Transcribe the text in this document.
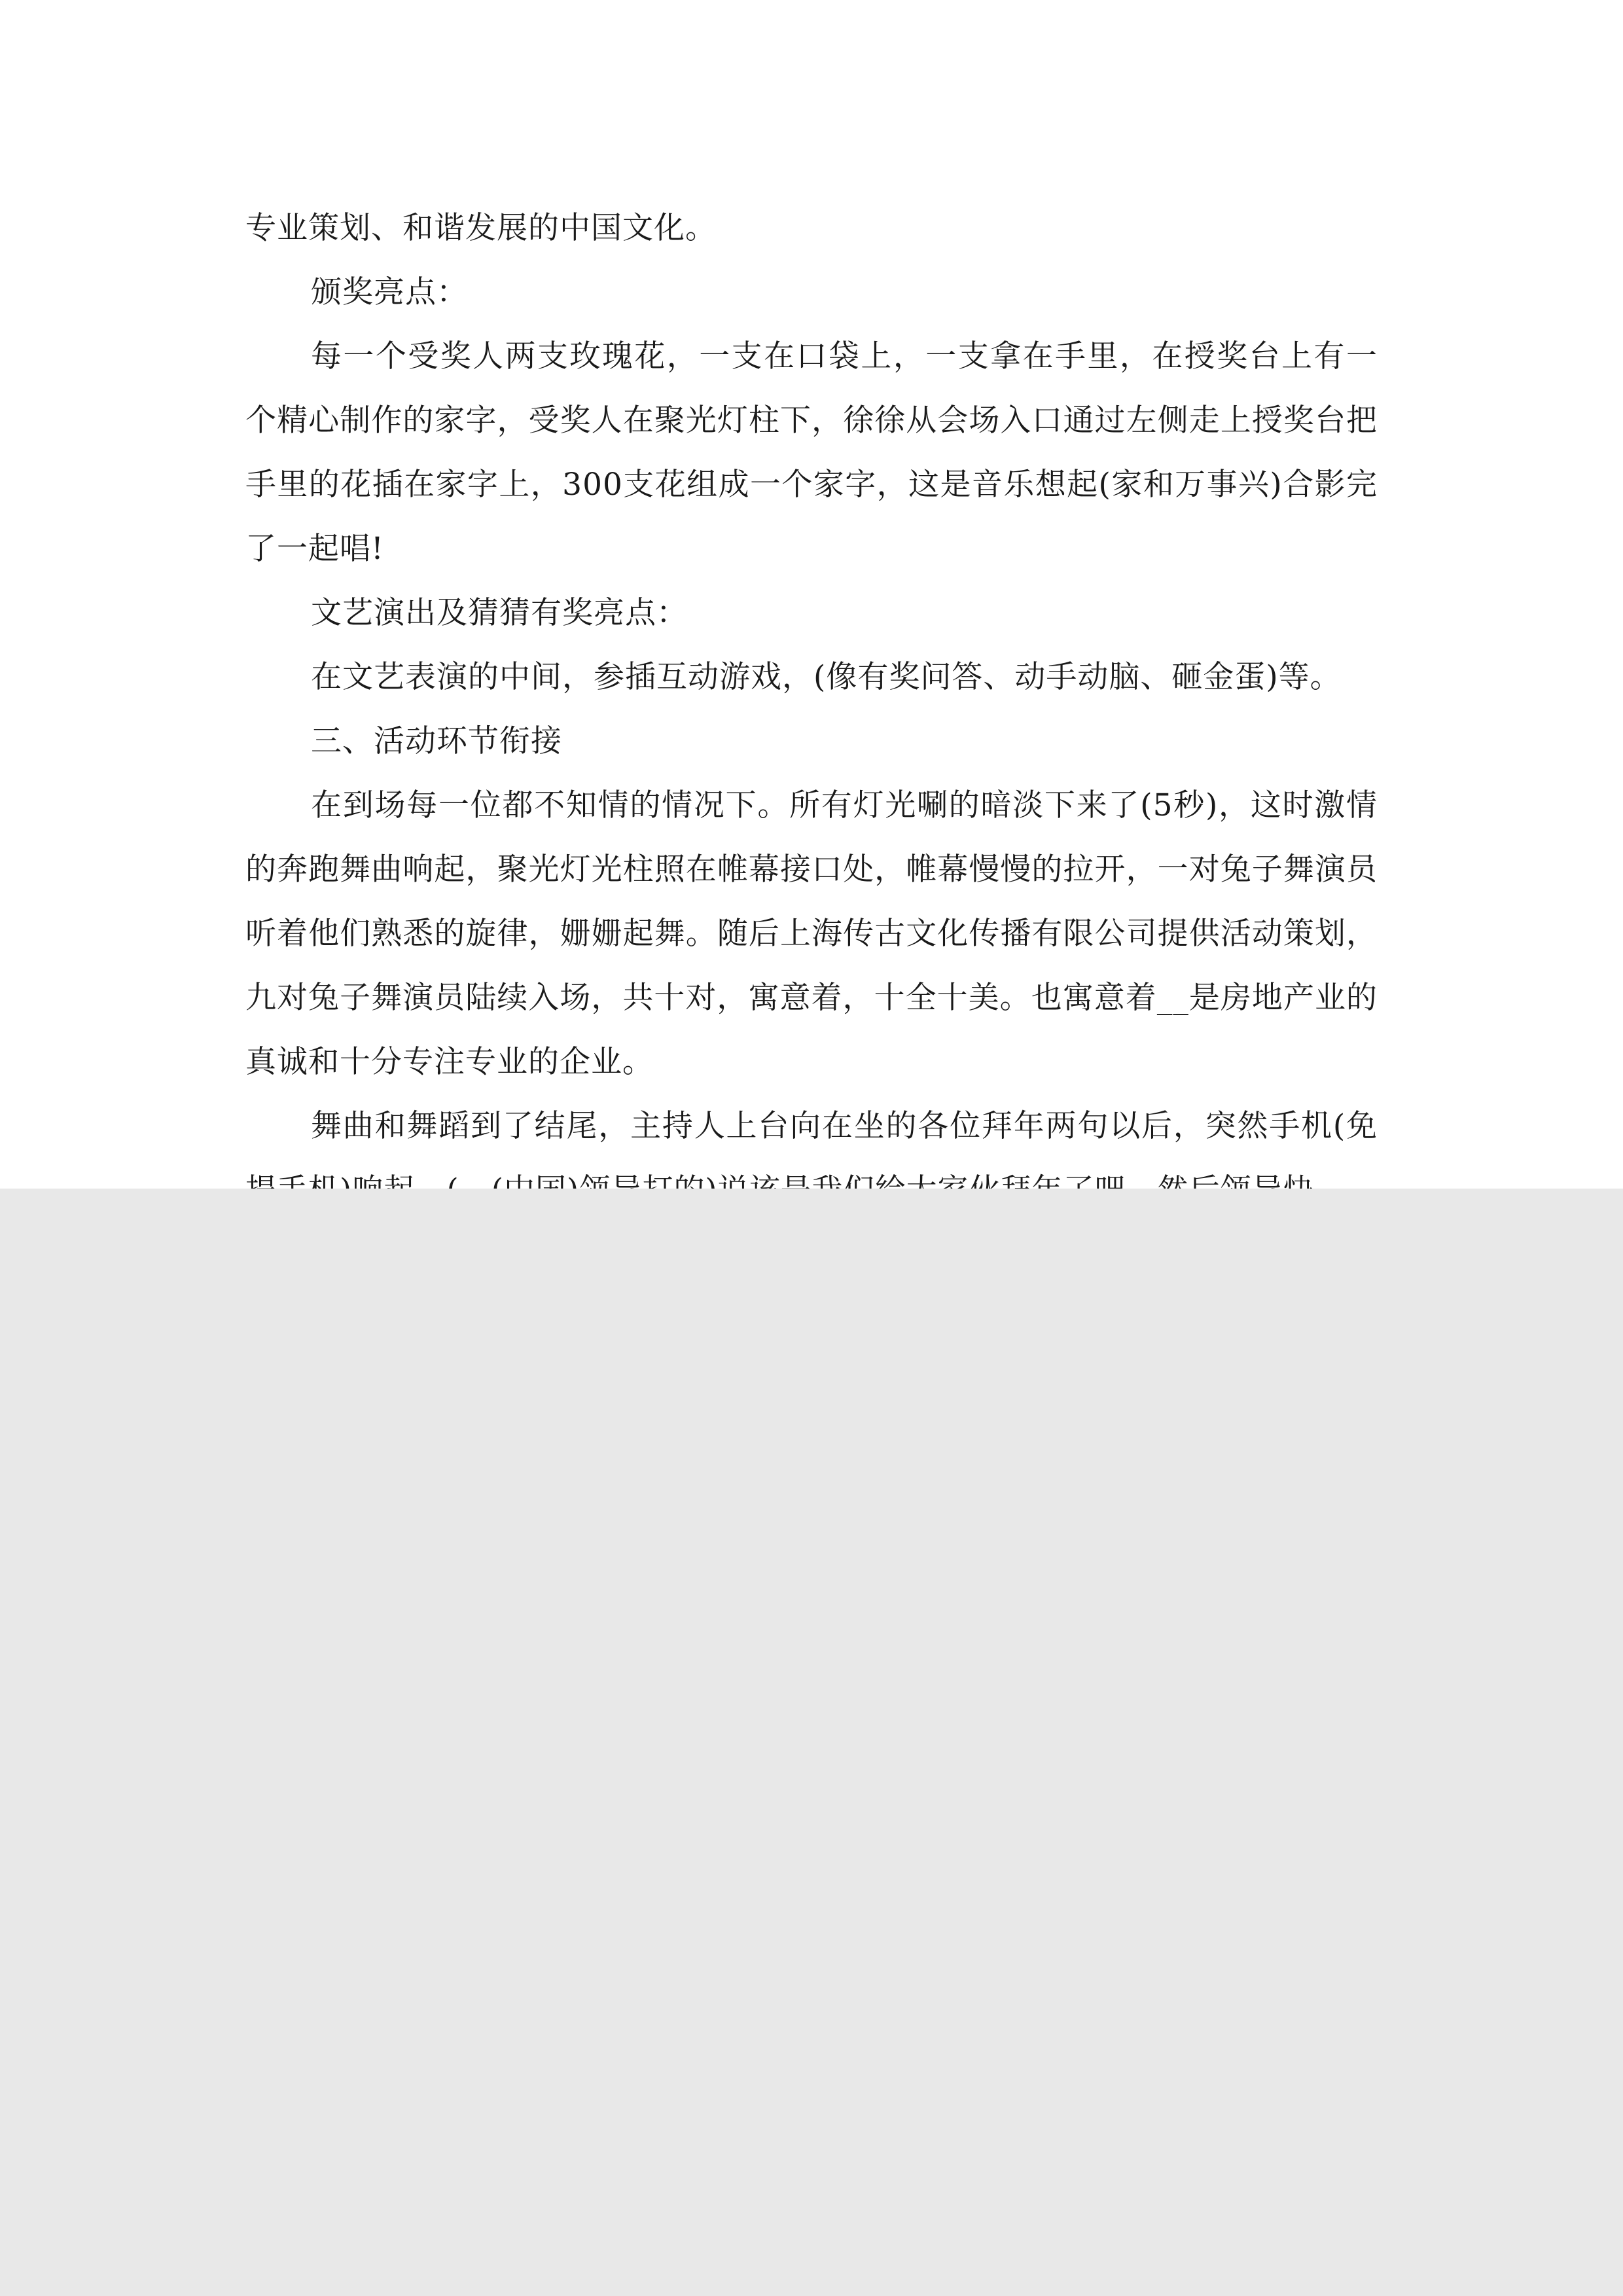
专业策划、和谐发展的中国文化。

颁奖亮点：

每一个受奖人两支玫瑰花，一支在口袋上，一支拿在手里，在授奖台上有一个精心制作的家字，受奖人在聚光灯柱下，徐徐从会场入口通过左侧走上授奖台把手里的花插在家字上，300支花组成一个家字，这是音乐想起(家和万事兴)合影完了一起唱!

文艺演出及猜猜有奖亮点：

在文艺表演的中间，参插互动游戏，(像有奖问答、动手动脑、砸金蛋)等。

三、活动环节衔接

在到场每一位都不知情的情况下。所有灯光唰的暗淡下来了(5秒)，这时激情的奔跑舞曲响起，聚光灯光柱照在帷幕接口处，帷幕慢慢的拉开，一对兔子舞演员听着他们熟悉的旋律，姗姗起舞。随后上海传古文化传播有限公司提供活动策划，九对兔子舞演员陆续入场，共十对，寓意着，十全十美。也寓意着__是房地产业的真诚和十分专注专业的企业。

舞曲和舞蹈到了结尾，主持人上台向在坐的各位拜年两句以后，突然手机(免
